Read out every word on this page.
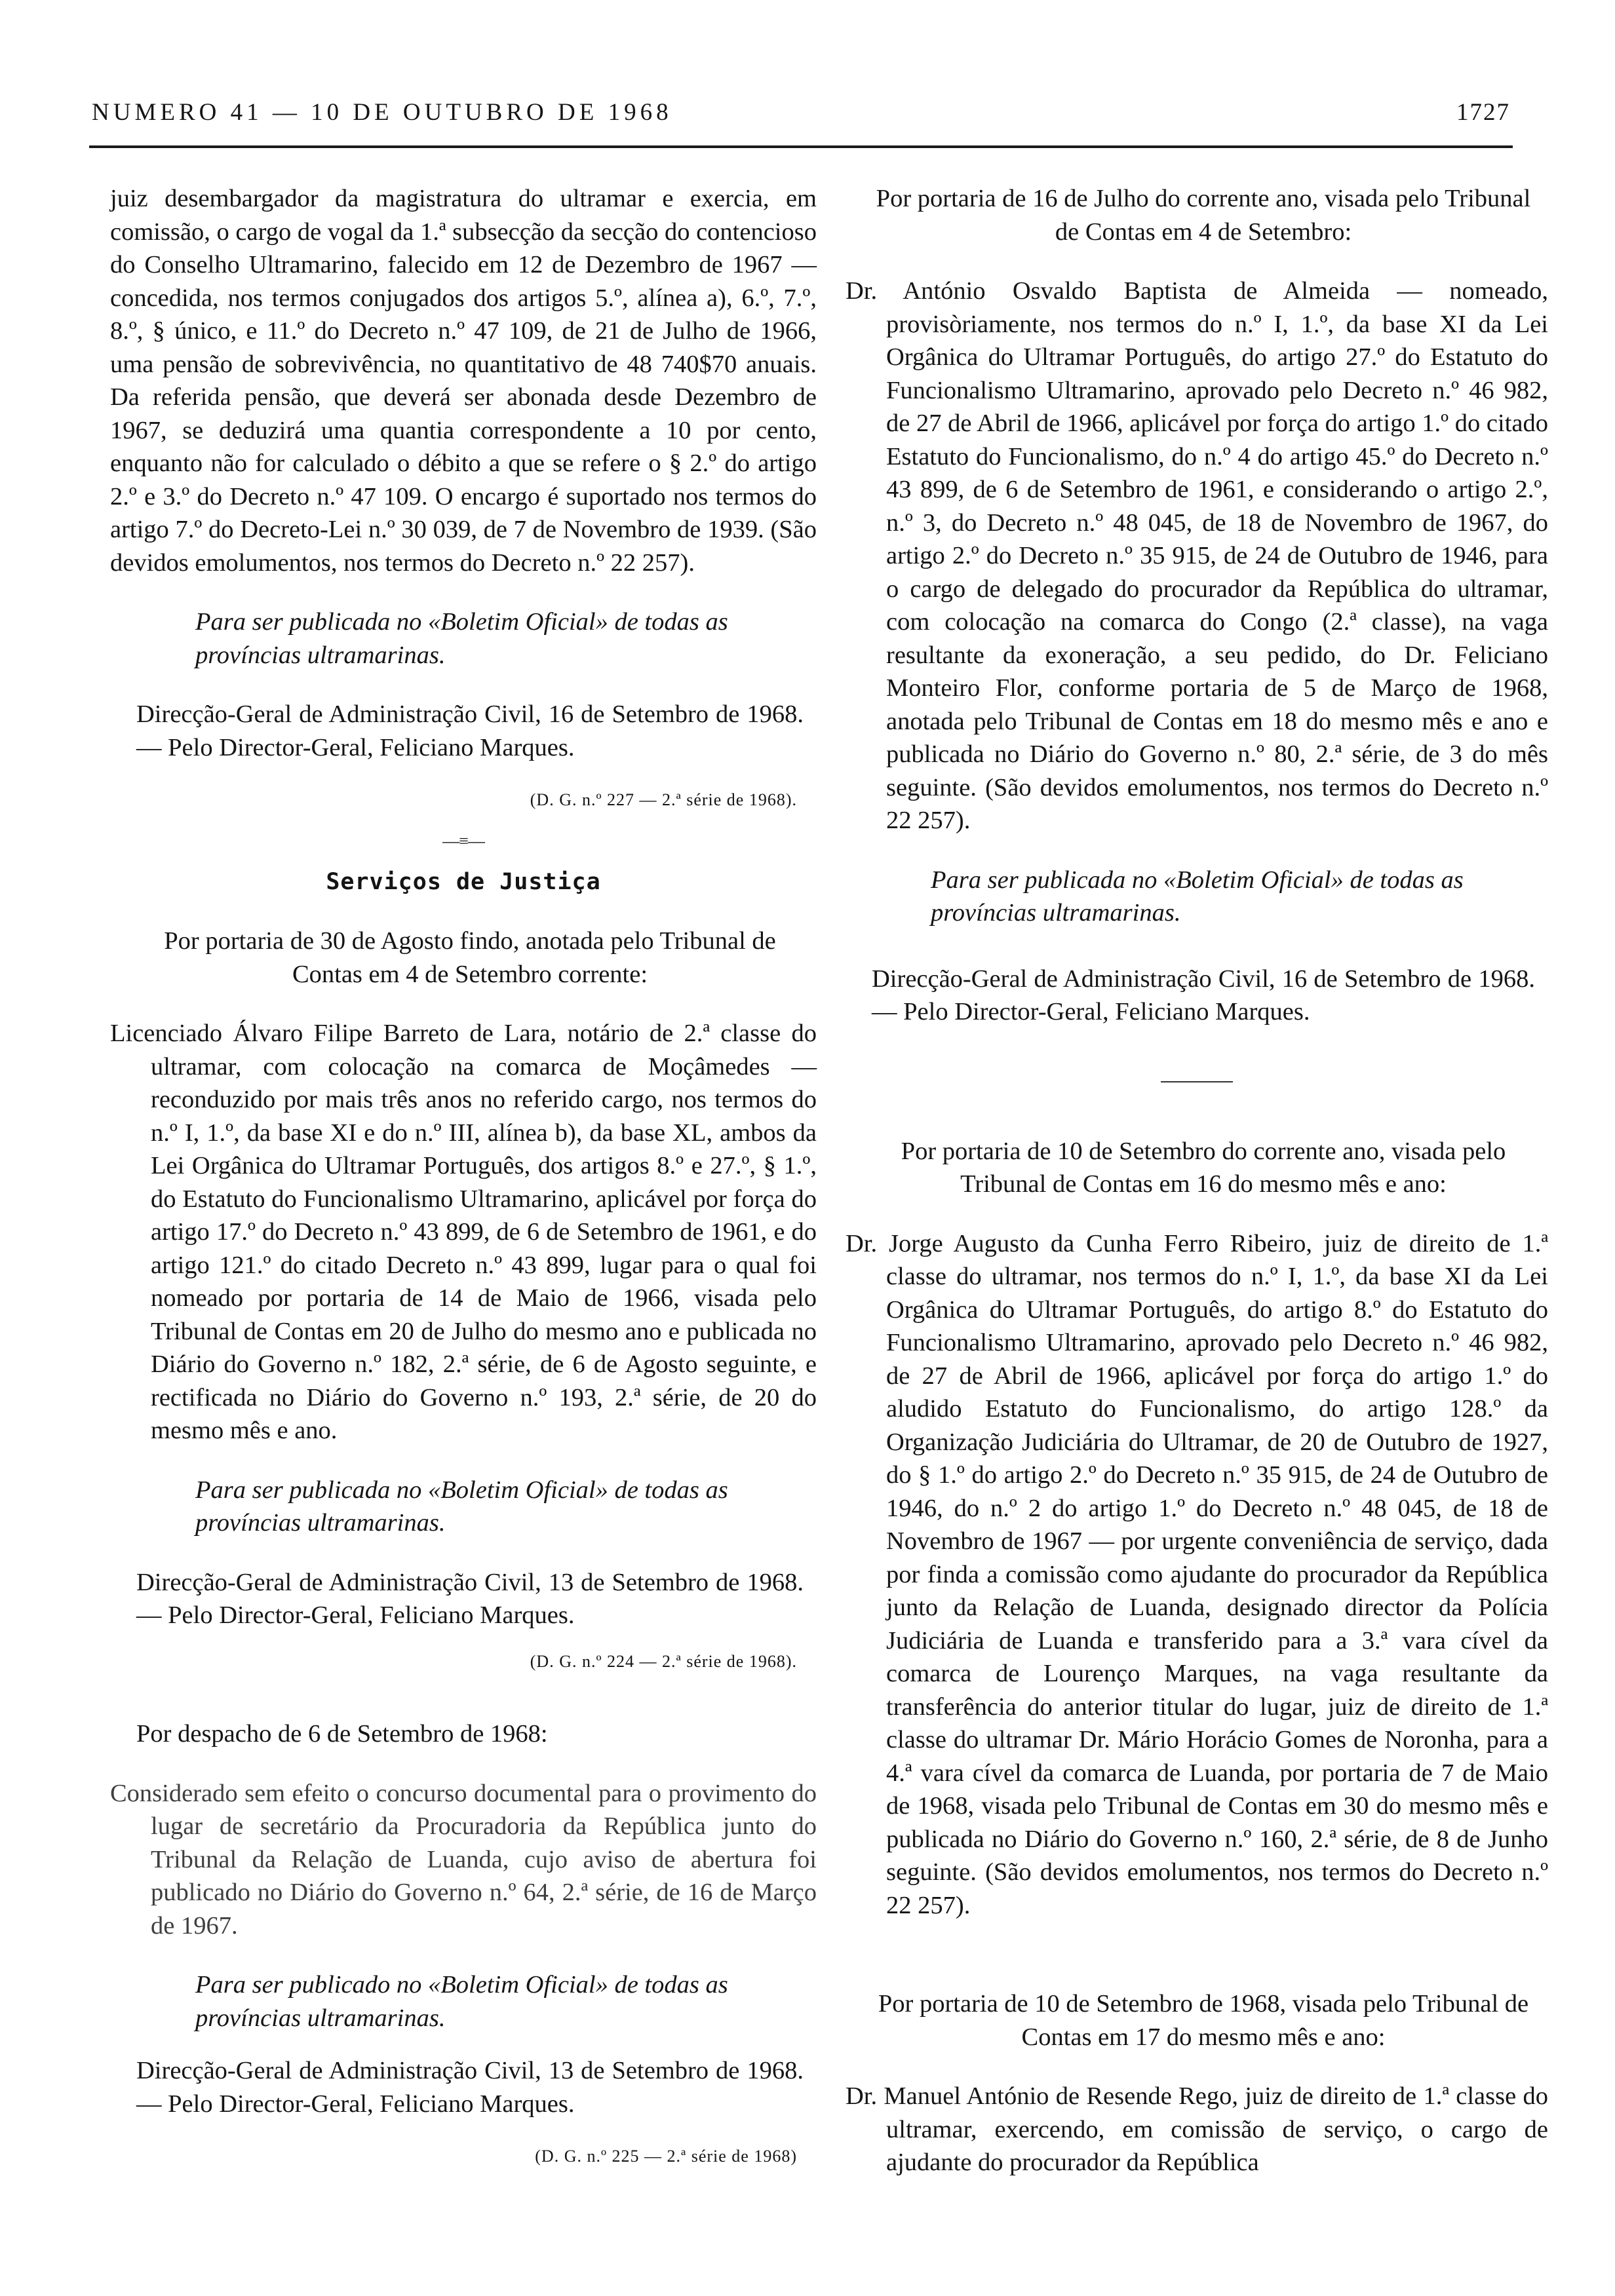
NUMERO 41 — 10 DE OUTUBRO DE 1968	1727

juiz desembargador da magistratura do ultramar e exercia, em comissão, o cargo de vogal da 1.ª subsecção da secção do contencioso do Conselho Ultramarino, falecido em 12 de Dezembro de 1967 — concedida, nos termos conjugados dos artigos 5.º, alínea a), 6.º, 7.º, 8.º, § único, e 11.º do Decreto n.º 47 109, de 21 de Julho de 1966, uma pensão de sobrevivência, no quantitativo de 48 740$70 anuais. Da referida pensão, que deverá ser abonada desde Dezembro de 1967, se deduzirá uma quantia correspondente a 10 por cento, enquanto não for calculado o débito a que se refere o § 2.º do artigo 2.º e 3.º do Decreto n.º 47 109. O encargo é suportado nos termos do artigo 7.º do Decreto-Lei n.º 30 039, de 7 de Novembro de 1939. (São devidos emolumentos, nos termos do Decreto n.º 22 257).

Para ser publicada no «Boletim Oficial» de todas as províncias ultramarinas.

Direcção-Geral de Administração Civil, 16 de Setembro de 1968. — Pelo Director-Geral, Feliciano Marques.

(D. G. n.º 227 — 2.ª série de 1968).

—≡—

Serviços de Justiça

Por portaria de 30 de Agosto findo, anotada pelo Tribunal de Contas em 4 de Setembro corrente:

Licenciado Álvaro Filipe Barreto de Lara, notário de 2.ª classe do ultramar, com colocação na comarca de Moçâmedes — reconduzido por mais três anos no referido cargo, nos termos do n.º I, 1.º, da base XI e do n.º III, alínea b), da base XL, ambos da Lei Orgânica do Ultramar Português, dos artigos 8.º e 27.º, § 1.º, do Estatuto do Funcionalismo Ultramarino, aplicável por força do artigo 17.º do Decreto n.º 43 899, de 6 de Setembro de 1961, e do artigo 121.º do citado Decreto n.º 43 899, lugar para o qual foi nomeado por portaria de 14 de Maio de 1966, visada pelo Tribunal de Contas em 20 de Julho do mesmo ano e publicada no Diário do Governo n.º 182, 2.ª série, de 6 de Agosto seguinte, e rectificada no Diário do Governo n.º 193, 2.ª série, de 20 do mesmo mês e ano.

Para ser publicada no «Boletim Oficial» de todas as províncias ultramarinas.

Direcção-Geral de Administração Civil, 13 de Setembro de 1968. — Pelo Director-Geral, Feliciano Marques.

(D. G. n.º 224 — 2.ª série de 1968).

Por despacho de 6 de Setembro de 1968:

Considerado sem efeito o concurso documental para o provimento do lugar de secretário da Procuradoria da República junto do Tribunal da Relação de Luanda, cujo aviso de abertura foi publicado no Diário do Governo n.º 64, 2.ª série, de 16 de Março de 1967.

Para ser publicado no «Boletim Oficial» de todas as províncias ultramarinas.

Direcção-Geral de Administração Civil, 13 de Setembro de 1968. — Pelo Director-Geral, Feliciano Marques.

(D. G. n.º 225 — 2.ª série de 1968)

Por portaria de 16 de Julho do corrente ano, visada pelo Tribunal de Contas em 4 de Setembro:

Dr. António Osvaldo Baptista de Almeida — nomeado, provisòriamente, nos termos do n.º I, 1.º, da base XI da Lei Orgânica do Ultramar Português, do artigo 27.º do Estatuto do Funcionalismo Ultramarino, aprovado pelo Decreto n.º 46 982, de 27 de Abril de 1966, aplicável por força do artigo 1.º do citado Estatuto do Funcionalismo, do n.º 4 do artigo 45.º do Decreto n.º 43 899, de 6 de Setembro de 1961, e considerando o artigo 2.º, n.º 3, do Decreto n.º 48 045, de 18 de Novembro de 1967, do artigo 2.º do Decreto n.º 35 915, de 24 de Outubro de 1946, para o cargo de delegado do procurador da República do ultramar, com colocação na comarca do Congo (2.ª classe), na vaga resultante da exoneração, a seu pedido, do Dr. Feliciano Monteiro Flor, conforme portaria de 5 de Março de 1968, anotada pelo Tribunal de Contas em 18 do mesmo mês e ano e publicada no Diário do Governo n.º 80, 2.ª série, de 3 do mês seguinte. (São devidos emolumentos, nos termos do Decreto n.º 22 257).

Para ser publicada no «Boletim Oficial» de todas as províncias ultramarinas.

Direcção-Geral de Administração Civil, 16 de Setembro de 1968. — Pelo Director-Geral, Feliciano Marques.

Por portaria de 10 de Setembro do corrente ano, visada pelo Tribunal de Contas em 16 do mesmo mês e ano:

Dr. Jorge Augusto da Cunha Ferro Ribeiro, juiz de direito de 1.ª classe do ultramar, nos termos do n.º I, 1.º, da base XI da Lei Orgânica do Ultramar Português, do artigo 8.º do Estatuto do Funcionalismo Ultramarino, aprovado pelo Decreto n.º 46 982, de 27 de Abril de 1966, aplicável por força do artigo 1.º do aludido Estatuto do Funcionalismo, do artigo 128.º da Organização Judiciária do Ultramar, de 20 de Outubro de 1927, do § 1.º do artigo 2.º do Decreto n.º 35 915, de 24 de Outubro de 1946, do n.º 2 do artigo 1.º do Decreto n.º 48 045, de 18 de Novembro de 1967 — por urgente conveniência de serviço, dada por finda a comissão como ajudante do procurador da República junto da Relação de Luanda, designado director da Polícia Judiciária de Luanda e transferido para a 3.ª vara cível da comarca de Lourenço Marques, na vaga resultante da transferência do anterior titular do lugar, juiz de direito de 1.ª classe do ultramar Dr. Mário Horácio Gomes de Noronha, para a 4.ª vara cível da comarca de Luanda, por portaria de 7 de Maio de 1968, visada pelo Tribunal de Contas em 30 do mesmo mês e publicada no Diário do Governo n.º 160, 2.ª série, de 8 de Junho seguinte. (São devidos emolumentos, nos termos do Decreto n.º 22 257).

Por portaria de 10 de Setembro de 1968, visada pelo Tribunal de Contas em 17 do mesmo mês e ano:

Dr. Manuel António de Resende Rego, juiz de direito de 1.ª classe do ultramar, exercendo, em comissão de serviço, o cargo de ajudante do procurador da República
